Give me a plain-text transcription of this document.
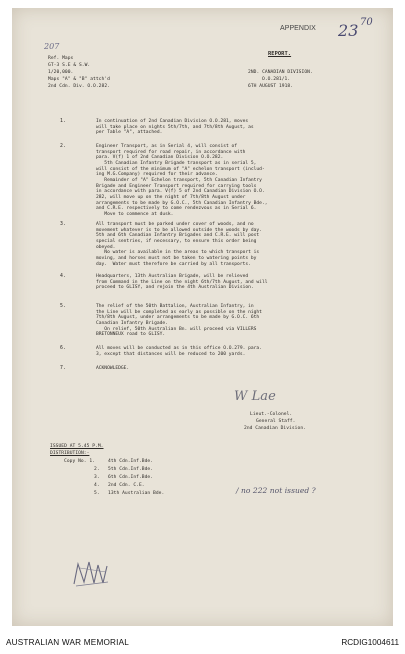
APPENDIX 23 70
207
Ref. Maps
GT-3 S.E & S.W.
1/20,000.
Maps "A" & "B" attch'd
2nd Cdn. Div. O.O.282.
REPORT.
2ND. CANADIAN DIVISION.
O.O.281/1.
6TH AUGUST 1918.
1.	In continuation of 2nd Canadian Division O.O.281, moves
will take place on nights 5th/7th, and 7th/8th August, as
per Table "A", attached.
2.	Engineer Transport, as in Serial 4, will consist of
transport required for road repair, in accordance with
para. V(f) 1 of 2nd Canadian Division O.O.282.
5th Canadian Infantry Brigade transport as in serial 5,
will consist of the minimum of "A" echelon transport (includ-
ing M.G.Company) required for their advance.
Remainder of "A" Echelon transport, 5th Canadian Infantry
Brigade and Engineer Transport required for carrying tools
in accordance with para. V(f) 5 of 2nd Canadian Division O.O.
282, will move up on the night of 7th/8th August under
arrangements to be made by G.O.C., 5th Canadian Infantry Bde.,
and C.R.E. respectively to come rendezvous as in Serial 6.
Move to commence at dusk.
3.	All transport must be parked under cover of woods, and no
movement whatever is to be allowed outside the woods by day.
5th and 6th Canadian Infantry Brigades and C.R.E. will post
special sentries, if necessary, to ensure this order being
obeyed.
No water is available in the areas to which transport is
moving, and horses must not be taken to watering points by
day.  Water must therefore be carried by all transports.
4.	Headquarters, 13th Australian Brigade, will be relieved
from Command in the Line on the night 6th/7th August, and will
proceed to GLISY, and rejoin the 4th Australian Division.
5.	The relief of the 50th Battalion, Australian Infantry, in
the Line will be completed as early as possible on the night
7th/8th August, under arrangements to be made by G.O.C. 6th
Canadian Infantry Brigade.
On relief, 50th Australian Bn. will proceed via VILLERS
BRETONNEUX road to GLISY.
6.	All moves will be conducted as in this office O.O.279. para.
3, except that distances will be reduced to 200 yards.
7.	ACKNOWLEDGE.
W Lae
Lieut.-Colonel.
General Staff.
2nd Canadian Division.
ISSUED AT 5.45 P.M.
DISTRIBUTION:-
Copy No. 1.	4th Cdn.Inf.Bde.
2. 5th Cdn.Inf.Bde.
3. 6th Cdn.Inf.Bde.
4. 2nd Cdn. C.E.
5. 13th Australian Bde.	/ no 222 not issued ?
AUSTRALIAN WAR MEMORIAL	RCDIG1004611
